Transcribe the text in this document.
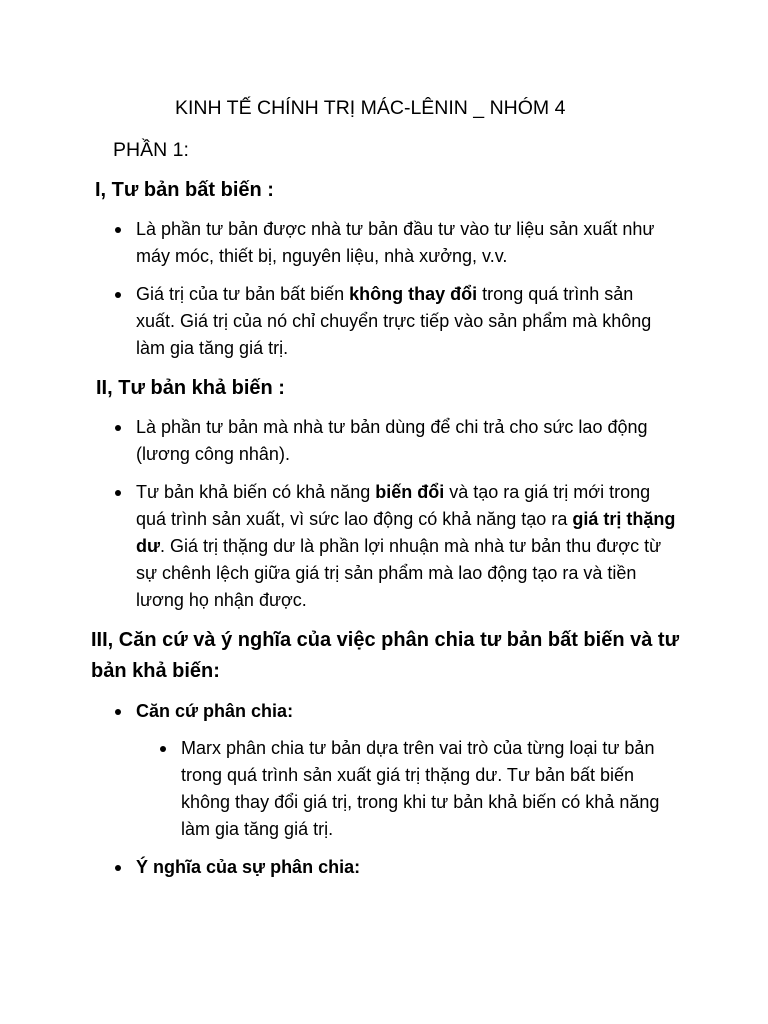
KINH TẾ CHÍNH TRỊ MÁC-LÊNIN _ NHÓM 4
PHẦN 1:
I, Tư bản bất biến :
Là phần tư bản được nhà tư bản đầu tư vào tư liệu sản xuất như
máy móc, thiết bị, nguyên liệu, nhà xưởng, v.v.
Giá trị của tư bản bất biến không thay đổi trong quá trình sản
xuất. Giá trị của nó chỉ chuyển trực tiếp vào sản phẩm mà không
làm gia tăng giá trị.
II, Tư bản khả biến :
Là phần tư bản mà nhà tư bản dùng để chi trả cho sức lao động
(lương công nhân).
Tư bản khả biến có khả năng biến đổi và tạo ra giá trị mới trong
quá trình sản xuất, vì sức lao động có khả năng tạo ra giá trị thặng
dư. Giá trị thặng dư là phần lợi nhuận mà nhà tư bản thu được từ
sự chênh lệch giữa giá trị sản phẩm mà lao động tạo ra và tiền
lương họ nhận được.
III, Căn cứ và ý nghĩa của việc phân chia tư bản bất biến và tư
bản khả biến:
Căn cứ phân chia:
Marx phân chia tư bản dựa trên vai trò của từng loại tư bản
trong quá trình sản xuất giá trị thặng dư. Tư bản bất biến
không thay đổi giá trị, trong khi tư bản khả biến có khả năng
làm gia tăng giá trị.
Ý nghĩa của sự phân chia:
